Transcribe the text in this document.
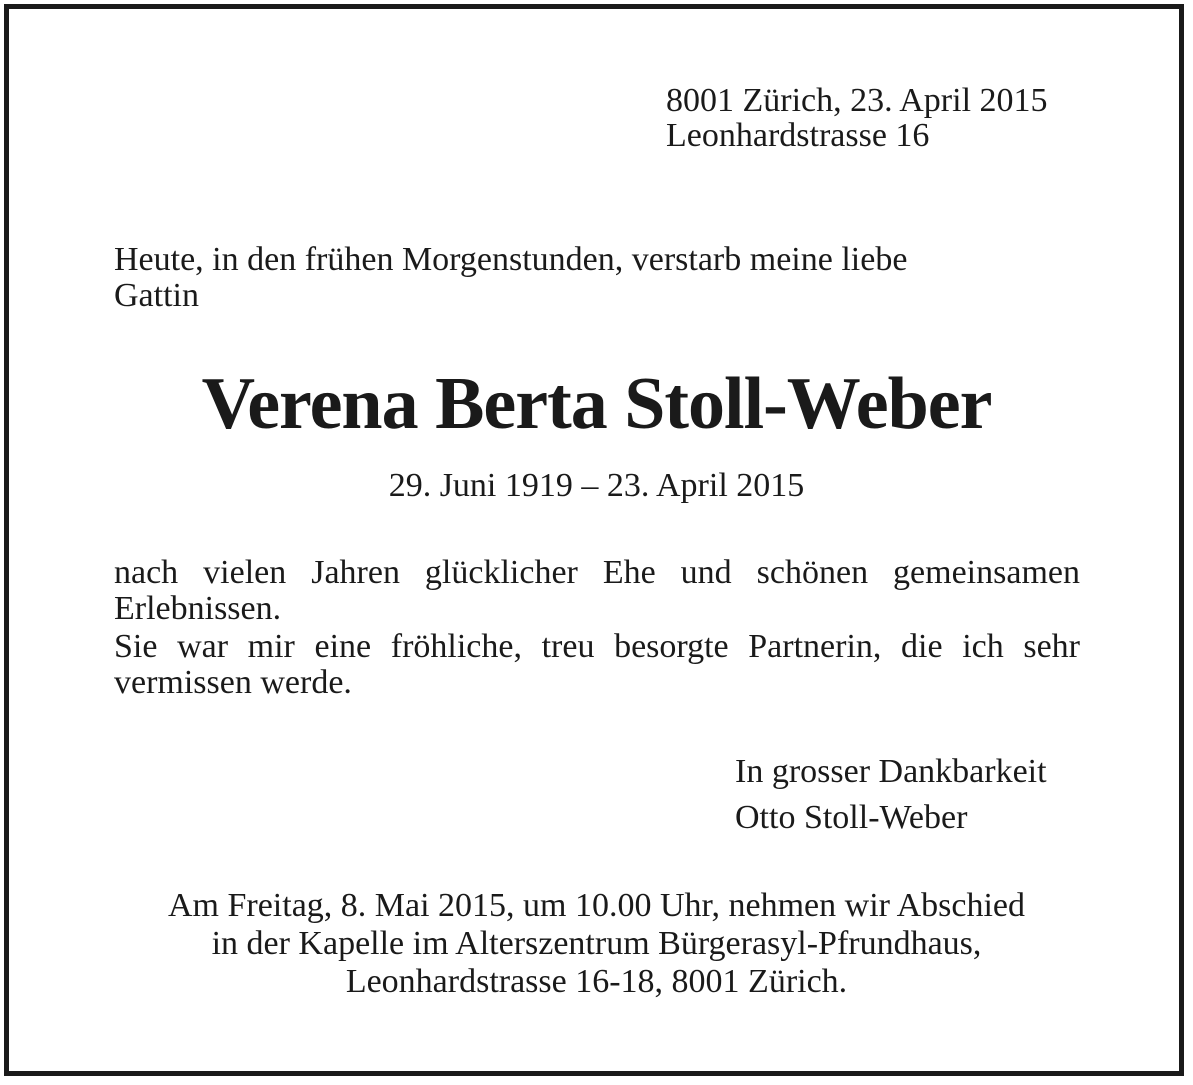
8001 Zürich, 23. April 2015
Leonhardstrasse 16
Heute, in den frühen Morgenstunden, verstarb meine liebe
Gattin
Verena Berta Stoll-Weber
29. Juni 1919 – 23. April 2015
nach vielen Jahren glücklicher Ehe und schönen gemeinsamen
Erlebnissen.
Sie war mir eine fröhliche, treu besorgte Partnerin, die ich sehr
vermissen werde.
In grosser Dankbarkeit
Otto Stoll-Weber
Am Freitag, 8. Mai 2015, um 10.00 Uhr, nehmen wir Abschied
in der Kapelle im Alterszentrum Bürgerasyl-Pfrundhaus,
Leonhardstrasse 16-18, 8001 Zürich.
